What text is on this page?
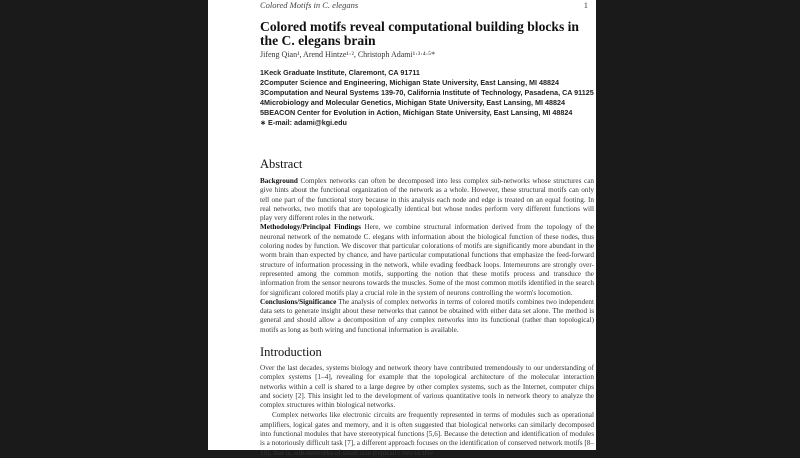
Colored Motifs in C. elegans	1
Colored motifs reveal computational building blocks in the C. elegans brain
Jifeng Qian¹, Arend Hintze¹·², Christoph Adami¹·³·⁴·⁵*
1Keck Graduate Institute, Claremont, CA 91711
2Computer Science and Engineering, Michigan State University, East Lansing, MI 48824
3Computation and Neural Systems 139-70, California Institute of Technology, Pasadena, CA 91125
4Microbiology and Molecular Genetics, Michigan State University, East Lansing, MI 48824
5BEACON Center for Evolution in Action, Michigan State University, East Lansing, MI 48824
∗ E-mail: adami@kgi.edu
Abstract

Background Complex networks can often be decomposed into less complex sub-networks whose structures can give hints about the functional organization of the network as a whole. However, these structural motifs can only tell one part of the functional story because in this analysis each node and edge is treated on an equal footing. In real networks, two motifs that are topologically identical but whose nodes perform very different functions will play very different roles in the network.

Methodology/Principal Findings Here, we combine structural information derived from the topology of the neuronal network of the nematode C. elegans with information about the biological function of these nodes, thus coloring nodes by function. We discover that particular colorations of motifs are significantly more abundant in the worm brain than expected by chance, and have particular computational functions that emphasize the feed-forward structure of information processing in the network, while evading feedback loops. Interneurons are strongly over-represented among the common motifs, supporting the notion that these motifs process and transduce the information from the sensor neurons towards the muscles. Some of the most common motifs identified in the search for significant colored motifs play a crucial role in the system of neurons controlling the worm's locomotion.

Conclusions/Significance The analysis of complex networks in terms of colored motifs combines two independent data sets to generate insight about these networks that cannot be obtained with either data set alone. The method is general and should allow a decomposition of any complex networks into its functional (rather than topological) motifs as long as both wiring and functional information is available.

Introduction

Over the last decades, systems biology and network theory have contributed tremendously to our understanding of complex systems [1–4], revealing for example that the topological architecture of the molecular interaction networks within a cell is shared to a large degree by other complex systems, such as the Internet, computer chips and society [2]. This insight led to the development of various quantitative tools in network theory to analyze the complex structures within biological networks.

Complex networks like electronic circuits are frequently represented in terms of modules such as operational amplifiers, logical gates and memory, and it is often suggested that biological networks can similarly decomposed into functional modules that have stereotypical functions [5,6]. Because the detection and identification of modules is a notoriously difficult task [7], a different approach focuses on the identification of conserved network motifs [8–10], that is, sub-networks of small size (typically two to five
